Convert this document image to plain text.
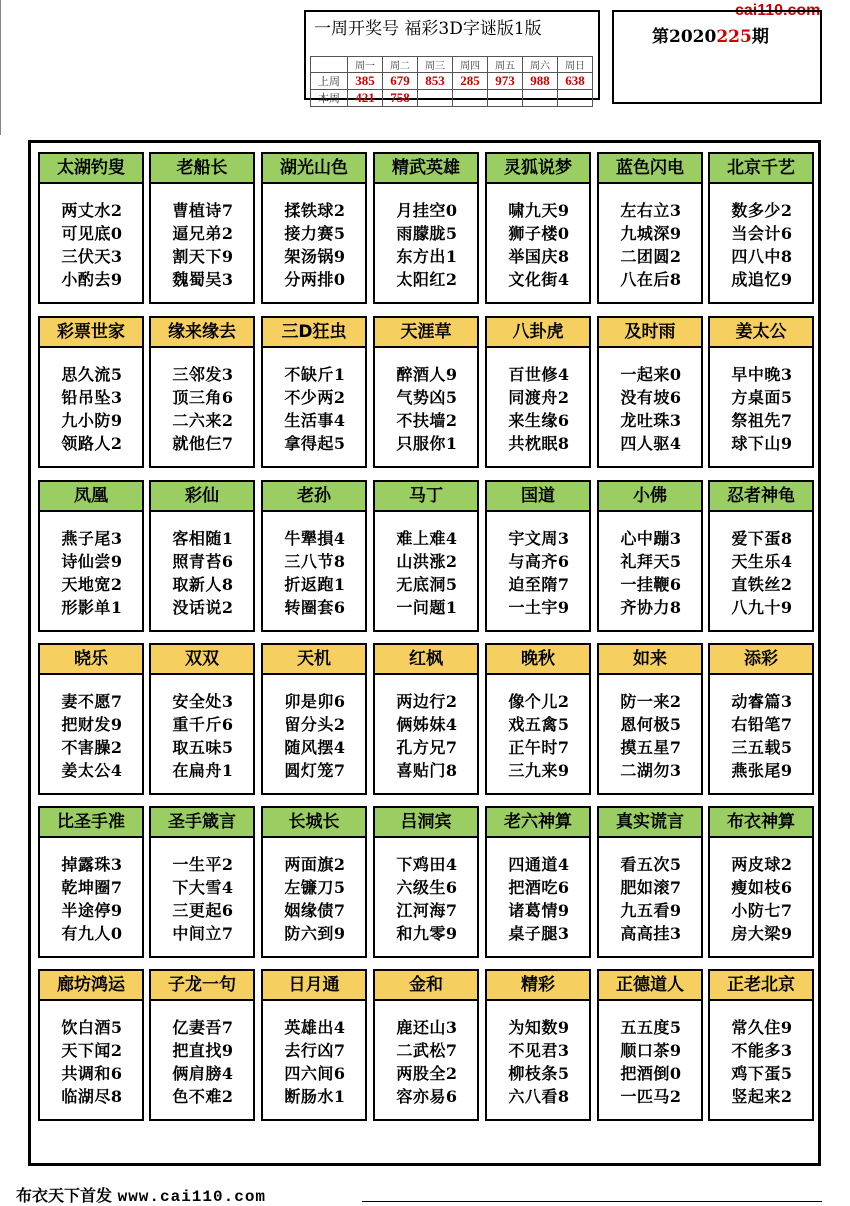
cai110.com
一周开奖号 福彩3D字谜版1版
	周一	周二	周三	周四	周五	周六	周日
上周	385	679	853	285	973	988	638
本周	421	758					
第2020225期
太湖钓叟
两丈水2
可见底0
三伏天3
小酌去9
老船长
曹植诗7
逼兄弟2
割天下9
魏蜀吴3
湖光山色
揉铁球2
接力赛5
架汤锅9
分两排0
精武英雄
月挂空0
雨朦胧5
东方出1
太阳红2
灵狐说梦
啸九天9
狮子楼0
举国庆8
文化街4
蓝色闪电
左右立3
九城深9
二团圆2
八在后8
北京千艺
数多少2
当会计6
四八中8
成追忆9
彩票世家
思久流5
铅吊坠3
九小防9
领路人2
缘来缘去
三邻发3
顶三角6
二六来2
就他仨7
三D狂虫
不缺斤1
不少两2
生活事4
拿得起5
天涯草
醉酒人9
气势凶5
不扶墙2
只服你1
八卦虎
百世修4
同渡舟2
来生缘6
共枕眠8
及时雨
一起来0
没有坡6
龙吐珠3
四人驱4
姜太公
早中晚3
方桌面5
祭祖先7
球下山9
凤凰
燕子尾3
诗仙尝9
天地宽2
形影单1
彩仙
客相随1
照青苔6
取新人8
没话说2
老孙
牛犟損4
三八节8
折返跑1
转圈套6
马丁
难上难4
山洪涨2
无底洞5
一问题1
国道
宇文周3
与高齐6
迫至隋7
一土宇9
小佛
心中蹦3
礼拜天5
一挂鞭6
齐协力8
忍者神龟
爱下蛋8
天生乐4
直铁丝2
八九十9
晓乐
妻不愿7
把财发9
不害臊2
姜太公4
双双
安全处3
重千斤6
取五味5
在扁舟1
天机
卯是卯6
留分头2
随风摆4
圆灯笼7
红枫
两边行2
俩姊妹4
孔方兄7
喜贴门8
晚秋
像个儿2
戏五禽5
正午时7
三九来9
如来
防一来2
恩何极5
摸五星7
二湖勿3
添彩
动睿篇3
右铅笔7
三五载5
燕张尾9
比圣手准
掉露珠3
乾坤圈7
半途停9
有九人0
圣手箴言
一生平2
下大雪4
三更起6
中间立7
长城长
两面旗2
左镰刀5
姻缘债7
防六到9
吕洞宾
下鸡田4
六级生6
江河海7
和九零9
老六神算
四通道4
把酒吃6
诸葛情9
桌子腿3
真实谎言
看五次5
肥如滚7
九五看9
高高挂3
布衣神算
两皮球2
瘦如枝6
小防七7
房大梁9
廊坊鸿运
饮白酒5
天下闻2
共调和6
临湖尽8
子龙一句
亿妻吾7
把直找9
俩肩膀4
色不难2
日月通
英雄出4
去行凶7
四六间6
断肠水1
金和
鹿还山3
二武松7
两股全2
容亦易6
精彩
为知数9
不见君3
柳枝条5
六八看8
正德道人
五五度5
顺口茶9
把酒倒0
一匹马2
正老北京
常久住9
不能多3
鸡下蛋5
竖起来2
布衣天下首发 www.cai110.com
